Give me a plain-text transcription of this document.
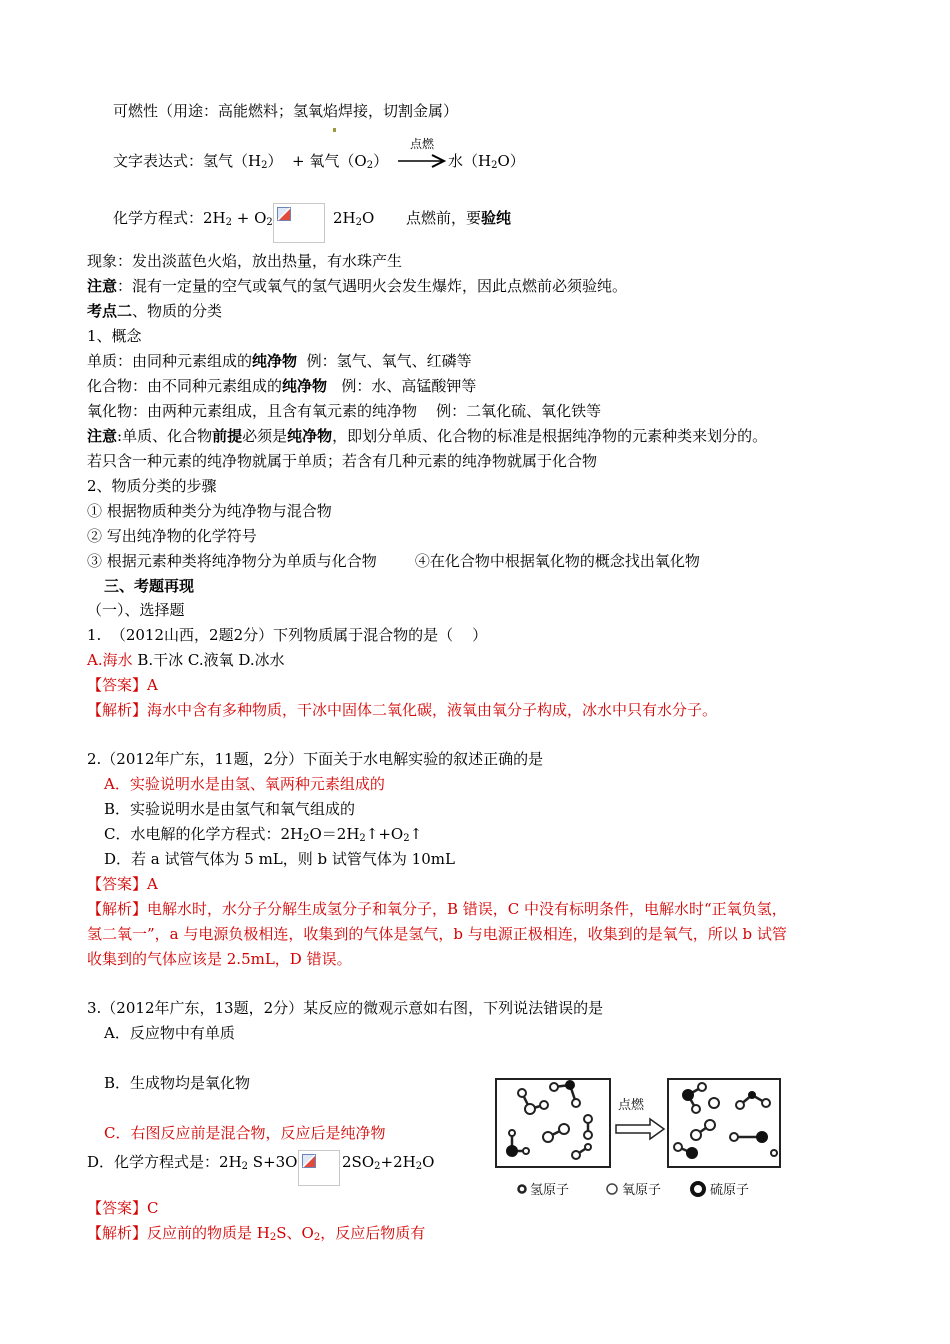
可燃性（用途：高能燃料；氢氧焰焊接，切割金属）
文字表达式：氢气$(H_2)$ + 氧气$(O_2)$
点燃
→ 水$(H_2O)$
化学方程式：$2H_2 + O_2$	$2H_2O$ 点燃前，要验纯
现象：发出淡蓝色火焰，放出热量，有水珠产生
注意：混有一定量的空气或氧气的氢气遇明火会发生爆炸，因此点燃前必须验纯。
考点二、物质的分类
1、概念
单质：由同种元素组成的纯净物  例：氢气、氧气、红磷等
化合物：由不同种元素组成的纯净物   例：水、高锰酸钾等
氧化物：由两种元素组成，且含有氧元素的纯净物    例：二氧化硫、氧化铁等
注意:单质、化合物前提必须是纯净物，即划分单质、化合物的标准是根据纯净物的元素种类来划分的。
若只含一种元素的纯净物就属于单质；若含有几种元素的纯净物就属于化合物
2、物质分类的步骤
① 根据物质种类分为纯净物与混合物
② 写出纯净物的化学符号
③ 根据元素种类将纯净物分为单质与化合物        ④在化合物中根据氧化物的概念找出氧化物
三、考题再现
（一）、选择题
1.  （2012山西，2题2分）下列物质属于混合物的是（    ）
A.海水 B.干冰 C.液氧 D.冰水
【答案】A
【解析】海水中含有多种物质，干冰中固体二氧化碳，液氧由氧分子构成，冰水中只有水分子。
2.（2012年广东，11题，2分）下面关于水电解实验的叙述正确的是
A．实验说明水是由氢、氧两种元素组成的
B．实验说明水是由氢气和氧气组成的
C．水电解的化学方程式：$2H_2O=2H_2↑+O_2↑$
D．若 a 试管气体为 5 mL，则 b 试管气体为 10mL
【答案】A
【解析】电解水时，水分子分解生成氢分子和氧分子，B 错误，C 中没有标明条件，电解水时“正氧负氢，
氢二氧一”，a 与电源负极相连，收集到的气体是氢气，b 与电源正极相连，收集到的是氧气，所以 b 试管
收集到的气体应该是 2.5mL，D 错误。
3.（2012年广东，13题，2分）某反应的微观示意如右图，下列说法错误的是
A．反应物中有单质
B．生成物均是氧化物
C．右图反应前是混合物，反应后是纯净物
D．化学方程式是：$2H_2$ S+3O	$2SO_2+2H_2O$
点燃
氢原子	氧原子	硫原子
【答案】C
【解析】反应前的物质是 $H_2S$、$O_2$，反应后物质有
